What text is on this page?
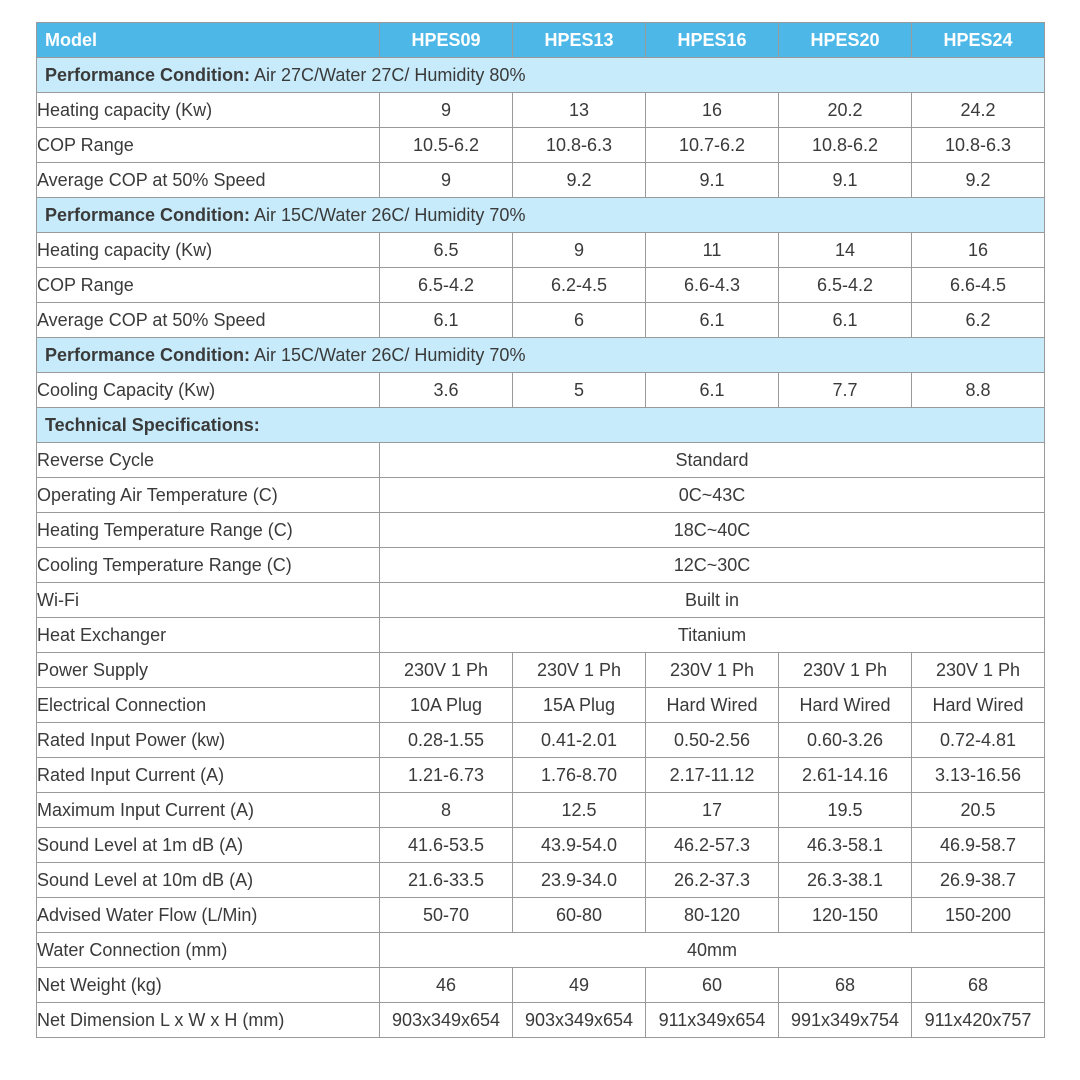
Model	HPES09	HPES13	HPES16	HPES20	HPES24
Performance Condition: Air 27C/Water 27C/ Humidity 80%					
Heating capacity (Kw)	9	13	16	20.2	24.2
COP Range	10.5-6.2	10.8-6.3	10.7-6.2	10.8-6.2	10.8-6.3
Average COP at 50% Speed	9	9.2	9.1	9.1	9.2
Performance Condition: Air 15C/Water 26C/ Humidity 70%					
Heating capacity (Kw)	6.5	9	11	14	16
COP Range	6.5-4.2	6.2-4.5	6.6-4.3	6.5-4.2	6.6-4.5
Average COP at 50% Speed	6.1	6	6.1	6.1	6.2
Performance Condition: Air 15C/Water 26C/ Humidity 70%					
Cooling Capacity (Kw)	3.6	5	6.1	7.7	8.8
Technical Specifications:					
Reverse Cycle	Standard				
Operating Air Temperature (C)	0C~43C				
Heating Temperature Range (C)	18C~40C				
Cooling Temperature Range (C)	12C~30C				
Wi-Fi	Built in				
Heat Exchanger	Titanium				
Power Supply	230V 1 Ph	230V 1 Ph	230V 1 Ph	230V 1 Ph	230V 1 Ph
Electrical Connection	10A Plug	15A Plug	Hard Wired	Hard Wired	Hard Wired
Rated Input Power (kw)	0.28-1.55	0.41-2.01	0.50-2.56	0.60-3.26	0.72-4.81
Rated Input Current (A)	1.21-6.73	1.76-8.70	2.17-11.12	2.61-14.16	3.13-16.56
Maximum Input Current (A)	8	12.5	17	19.5	20.5
Sound Level at 1m dB (A)	41.6-53.5	43.9-54.0	46.2-57.3	46.3-58.1	46.9-58.7
Sound Level at 10m dB (A)	21.6-33.5	23.9-34.0	26.2-37.3	26.3-38.1	26.9-38.7
Advised Water Flow (L/Min)	50-70	60-80	80-120	120-150	150-200
Water Connection (mm)	40mm				
Net Weight (kg)	46	49	60	68	68
Net Dimension L x W x H (mm)	903x349x654	903x349x654	911x349x654	991x349x754	911x420x757
